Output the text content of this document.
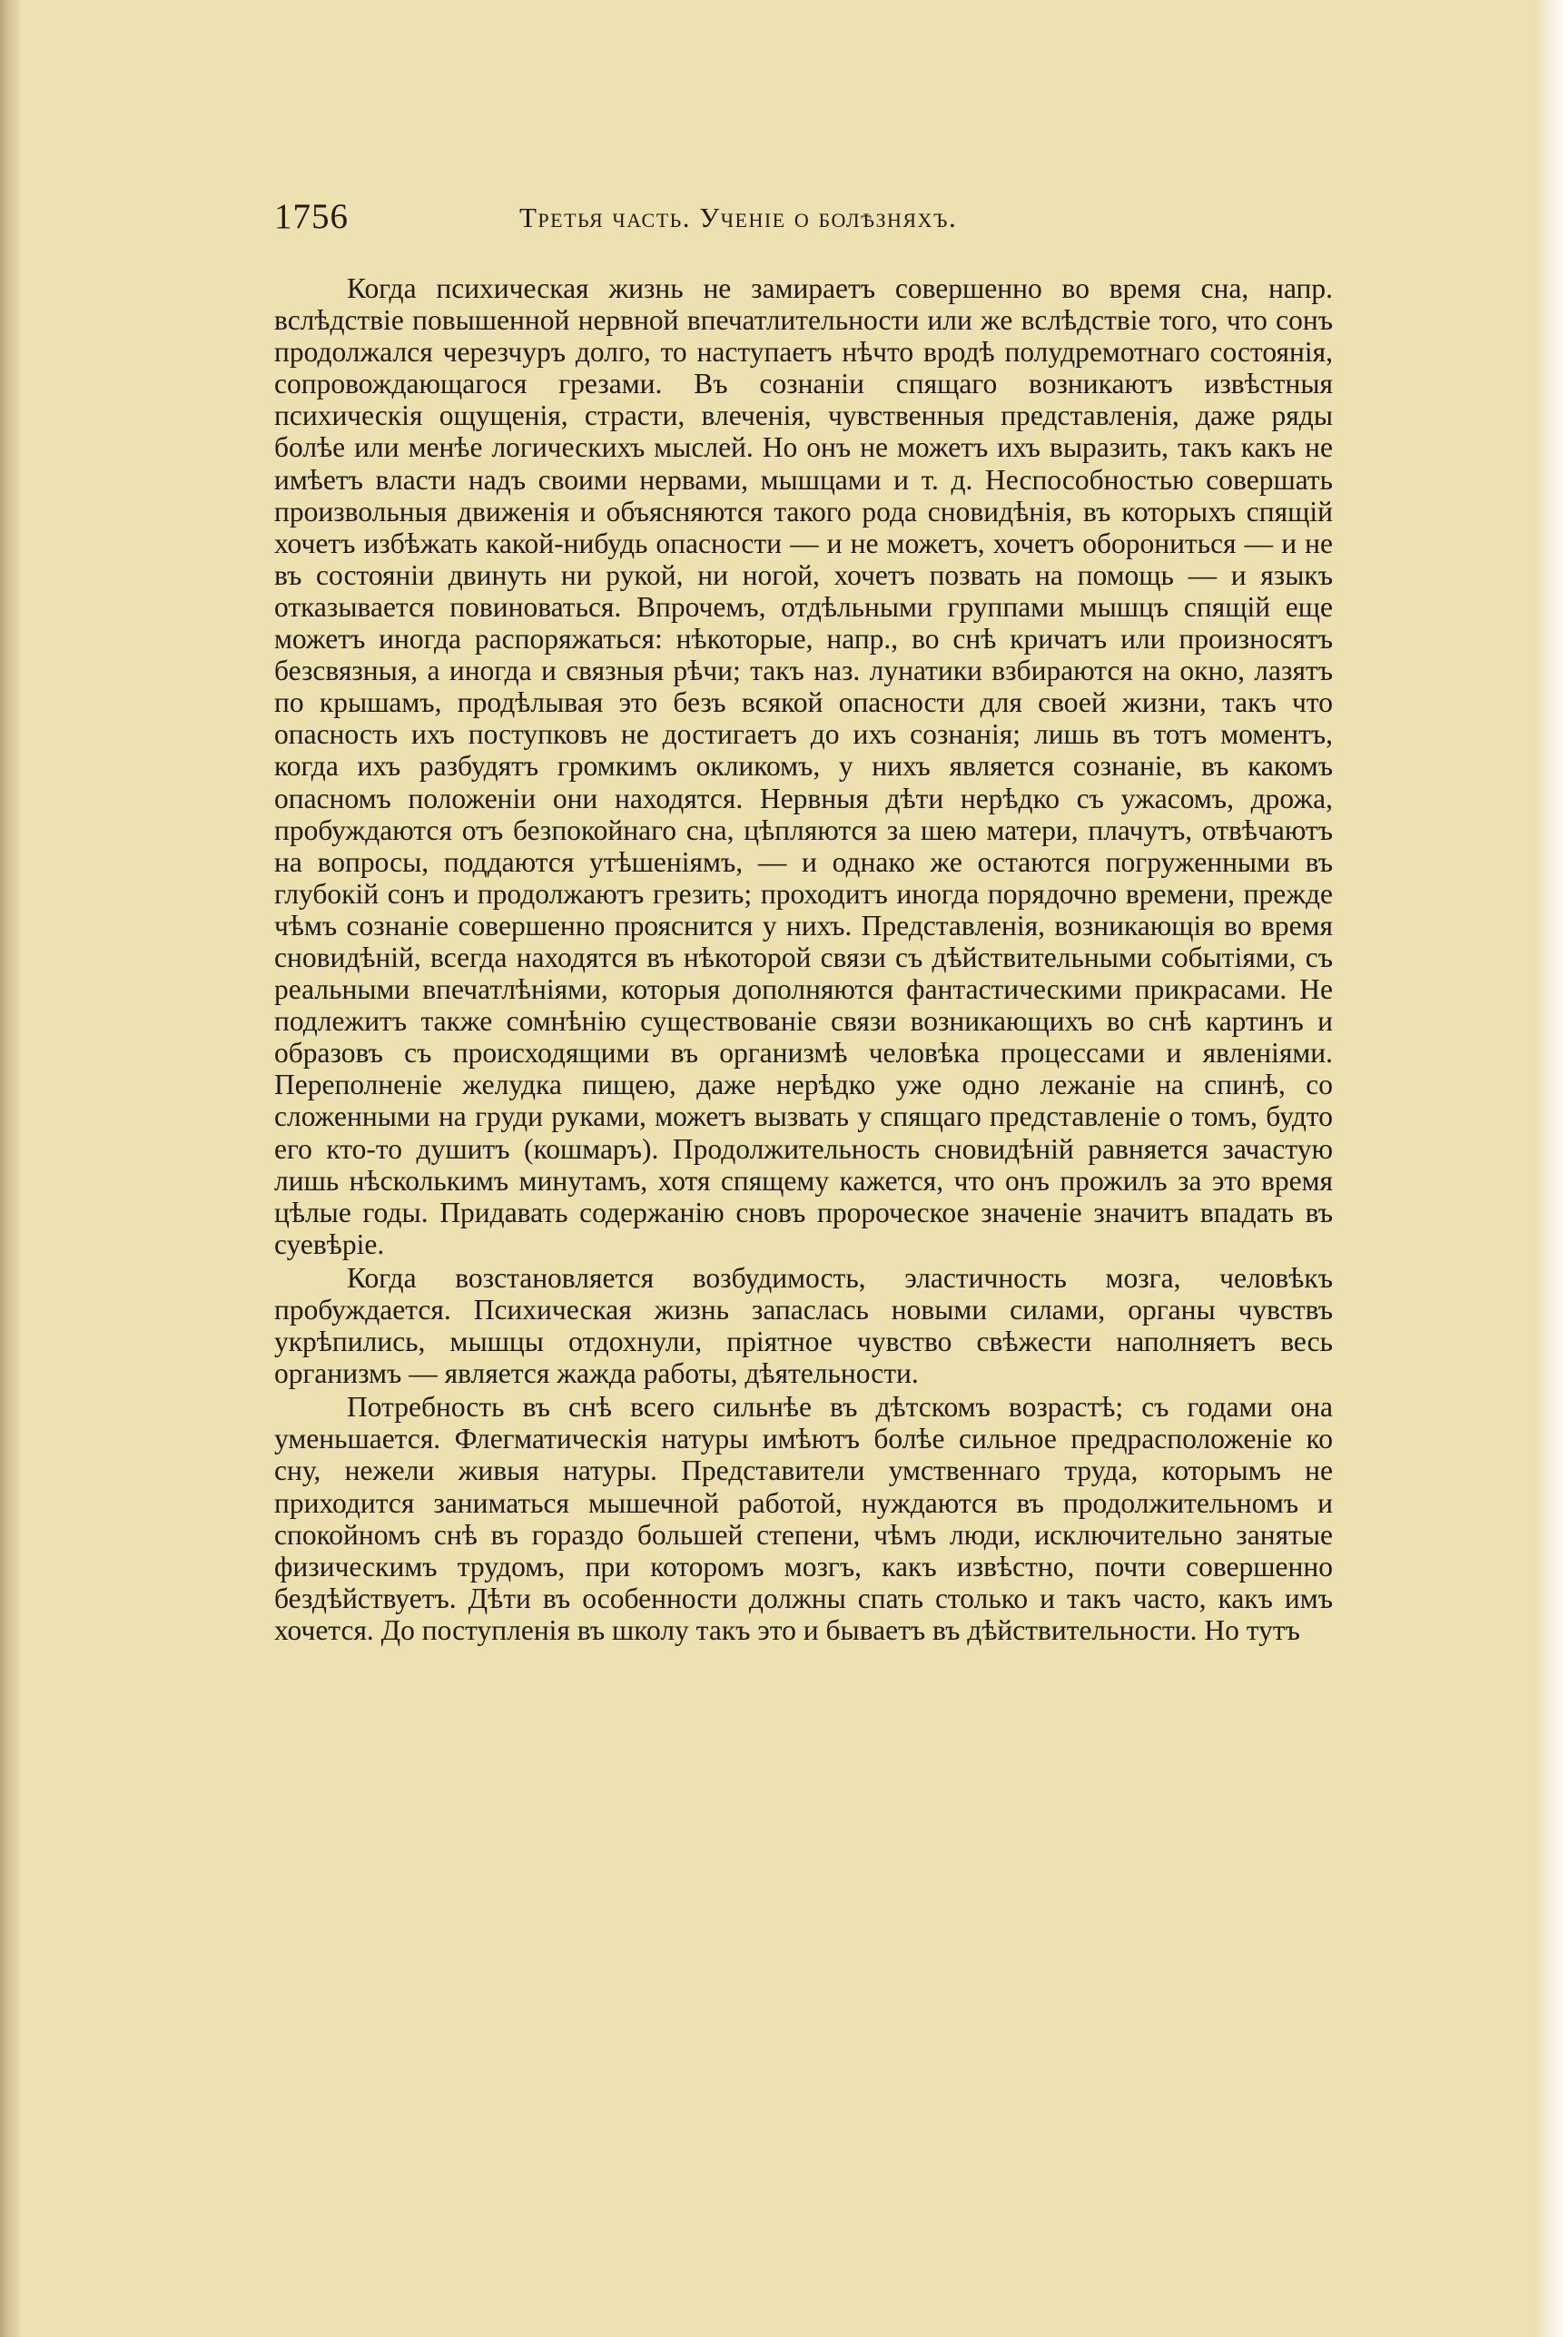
1756	Третья часть. Ученіе о болѣзняхъ.

Когда психическая жизнь не замираетъ совершенно во время сна, напр. вслѣдствіе повышенной нервной впечатлительности или же вслѣдствіе того, что сонъ продолжался черезчуръ долго, то наступаетъ нѣчто вродѣ полудремотнаго состоянія, сопровождающагося грезами. Въ сознаніи спящаго возникаютъ извѣстныя психическія ощущенія, страсти, влеченія, чувственныя представленія, даже ряды болѣе или менѣе логическихъ мыслей. Но онъ не можетъ ихъ выразить, такъ какъ не имѣетъ власти надъ своими нервами, мышцами и т. д. Неспособностью совершать произвольныя движенія и объясняются такого рода сновидѣнія, въ которыхъ спящій хочетъ избѣжать какой-нибудь опасности — и не можетъ, хочетъ оборониться — и не въ состояніи двинуть ни рукой, ни ногой, хочетъ позвать на помощь — и языкъ отказывается повиноваться. Впрочемъ, отдѣльными группами мышцъ спящій еще можетъ иногда распоряжаться: нѣкоторые, напр., во снѣ кричатъ или произносятъ безсвязныя, а иногда и связныя рѣчи; такъ наз. лунатики взбираются на окно, лазятъ по крышамъ, продѣлывая это безъ всякой опасности для своей жизни, такъ что опасность ихъ поступковъ не достигаетъ до ихъ сознанія; лишь въ тотъ моментъ, когда ихъ разбудятъ громкимъ окликомъ, у нихъ является сознаніе, въ какомъ опасномъ положеніи они находятся. Нервныя дѣти нерѣдко съ ужасомъ, дрожа, пробуждаются отъ безпокойнаго сна, цѣпляются за шею матери, плачутъ, отвѣчаютъ на вопросы, поддаются утѣшеніямъ, — и однако же остаются погруженными въ глубокій сонъ и продолжаютъ грезить; проходитъ иногда порядочно времени, прежде чѣмъ сознаніе совершенно прояснится у нихъ. Представленія, возникающія во время сновидѣній, всегда находятся въ нѣкоторой связи съ дѣйствительными событіями, съ реальными впечатлѣніями, которыя дополняются фантастическими прикрасами. Не подлежитъ также сомнѣнію существованіе связи возникающихъ во снѣ картинъ и образовъ съ происходящими въ организмѣ человѣка процессами и явленіями. Переполненіе желудка пищею, даже нерѣдко уже одно лежаніе на спинѣ, со сложенными на груди руками, можетъ вызвать у спящаго представленіе о томъ, будто его кто-то душитъ (кошмаръ). Продолжительность сновидѣній равняется зачастую лишь нѣсколькимъ минутамъ, хотя спящему кажется, что онъ прожилъ за это время цѣлые годы. Придавать содержанію сновъ пророческое значеніе значитъ впадать въ суевѣріе.

Когда возстановляется возбудимость, эластичность мозга, человѣкъ пробуждается. Психическая жизнь запаслась новыми силами, органы чувствъ укрѣпились, мышцы отдохнули, пріятное чувство свѣжести наполняетъ весь организмъ — является жажда работы, дѣятельности.

Потребность въ снѣ всего сильнѣе въ дѣтскомъ возрастѣ; съ годами она уменьшается. Флегматическія натуры имѣютъ болѣе сильное предрасположеніе ко сну, нежели живыя натуры. Представители умственнаго труда, которымъ не приходится заниматься мышечной работой, нуждаются въ продолжительномъ и спокойномъ снѣ въ гораздо большей степени, чѣмъ люди, исключительно занятые физическимъ трудомъ, при которомъ мозгъ, какъ извѣстно, почти совершенно бездѣйствуетъ. Дѣти въ особенности должны спать столько и такъ часто, какъ имъ хочется. До поступленія въ школу такъ это и бываетъ въ дѣйствительности. Но тутъ
